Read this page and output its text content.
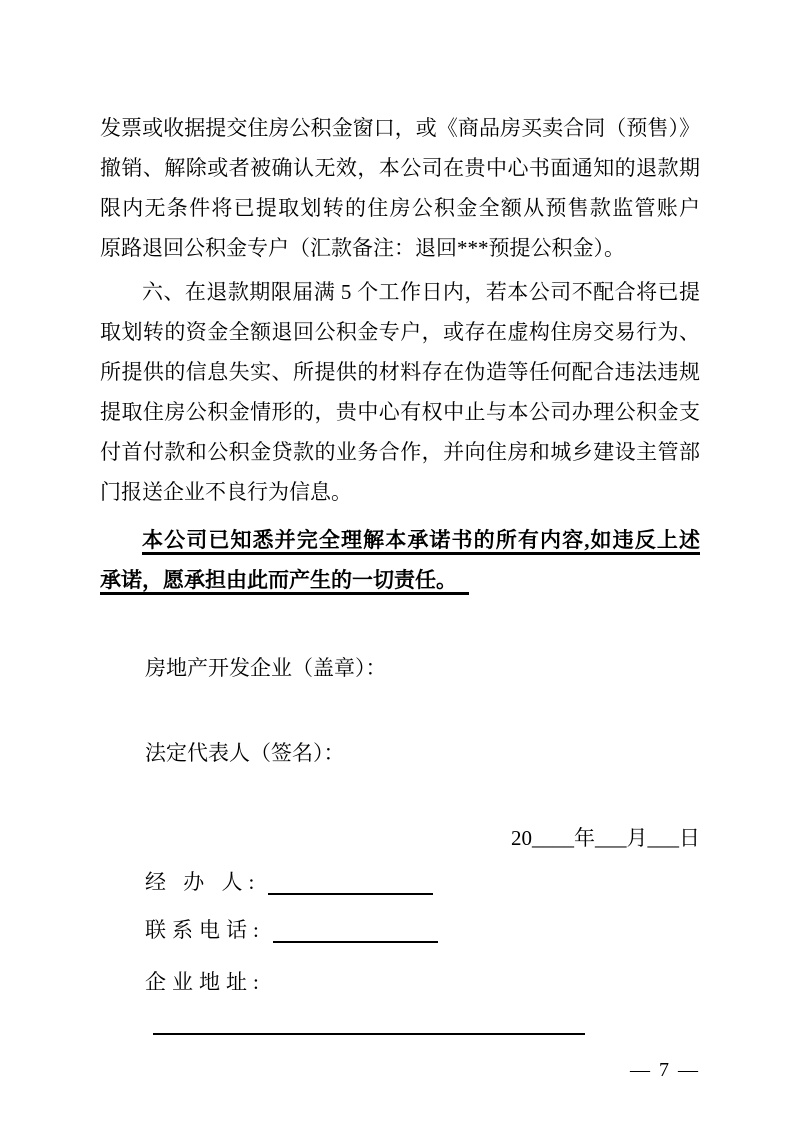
发票或收据提交住房公积金窗口，或《商品房买卖合同（预售）》
撤销、解除或者被确认无效，本公司在贵中心书面通知的退款期
限内无条件将已提取划转的住房公积金全额从预售款监管账户
原路退回公积金专户（汇款备注：退回***预提公积金）。
六、在退款期限届满 5 个工作日内，若本公司不配合将已提
取划转的资金全额退回公积金专户，或存在虚构住房交易行为、
所提供的信息失实、所提供的材料存在伪造等任何配合违法违规
提取住房公积金情形的，贵中心有权中止与本公司办理公积金支
付首付款和公积金贷款的业务合作，并向住房和城乡建设主管部
门报送企业不良行为信息。
本公司已知悉并完全理解本承诺书的所有内容,如违反上述
承诺，愿承担由此而产生的一切责任。
房地产开发企业（盖章）：
法定代表人（签名）：
20____年___月___日
经 办 人:
联系电话:
企业地址:
— 7 —
